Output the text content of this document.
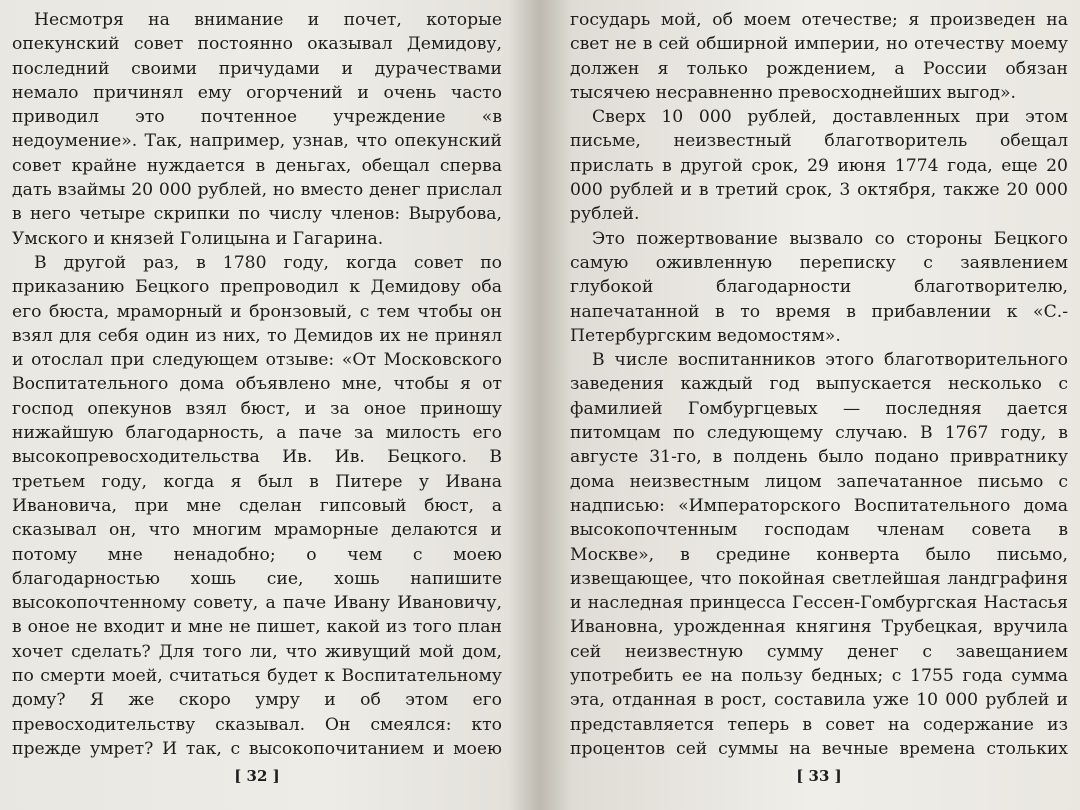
Несмотря на внимание и почет, которые опекунский совет постоянно оказывал Демидову, последний своими причудами и дурачествами немало причинял ему огорчений и очень часто приводил это почтенное учреждение «в недоумение». Так, например, узнав, что опекунский совет крайне нуждается в деньгах, обещал сперва дать взаймы 20 000 рублей, но вместо денег прислал в него четыре скрипки по числу членов: Вырубова, Умского и князей Голицына и Гагарина.

В другой раз, в 1780 году, когда совет по приказанию Бецкого препроводил к Демидову оба его бюста, мраморный и бронзовый, с тем чтобы он взял для себя один из них, то Демидов их не принял и отослал при следующем отзыве: «От Московского Воспитательного дома объявлено мне, чтобы я от господ опекунов взял бюст, и за оное приношу нижайшую благодарность, а паче за милость его высокопревосходительства Ив. Ив. Бецкого. В третьем году, когда я был в Питере у Ивана Ивановича, при мне сделан гипсовый бюст, а сказывал он, что многим мраморные делаются и потому мне ненадобно; о чем с моею благодарностью хошь сие, хошь напишите высокопочтенному совету, а паче Ивану Ивановичу, в оное не входит и мне не пишет, какой из того план хочет сделать? Для того ли, что живущий мой дом, по смерти моей, считаться будет к Воспитательному дому? Я же скоро умру и об этом его превосходительству сказывал. Он смеялся: кто прежде умрет? И так, с высокопочитанием и моею

[ 32 ]

государь мой, об моем отечестве; я произведен на свет не в сей обширной империи, но отечеству моему должен я только рождением, а России обязан тысячею несравненно превосходнейших выгод».

Сверх 10 000 рублей, доставленных при этом письме, неизвестный благотворитель обещал прислать в другой срок, 29 июня 1774 года, еще 20 000 рублей и в третий срок, 3 октября, также 20 000 рублей.

Это пожертвование вызвало со стороны Бецкого самую оживленную переписку с заявлением глубокой благодарности благотворителю, напечатанной в то время в прибавлении к «С.-Петербургским ведомостям».

В числе воспитанников этого благотворительного заведения каждый год выпускается несколько с фамилией Гомбургцевых — последняя дается питомцам по следующему случаю. В 1767 году, в августе 31-го, в полдень было подано привратнику дома неизвестным лицом запечатанное письмо с надписью: «Императорского Воспитательного дома высокопочтенным господам членам совета в Москве», в средине конверта было письмо, извещающее, что покойная светлейшая ландграфиня и наследная принцесса Гессен-Гомбургская Настасья Ивановна, урожденная княгиня Трубецкая, вручила сей неизвестную сумму денег с завещанием употребить ее на пользу бедных; с 1755 года сумма эта, отданная в рост, составила уже 10 000 рублей и представляется теперь в совет на содержание из процентов сей суммы на вечные времена стольких

[ 33 ]
